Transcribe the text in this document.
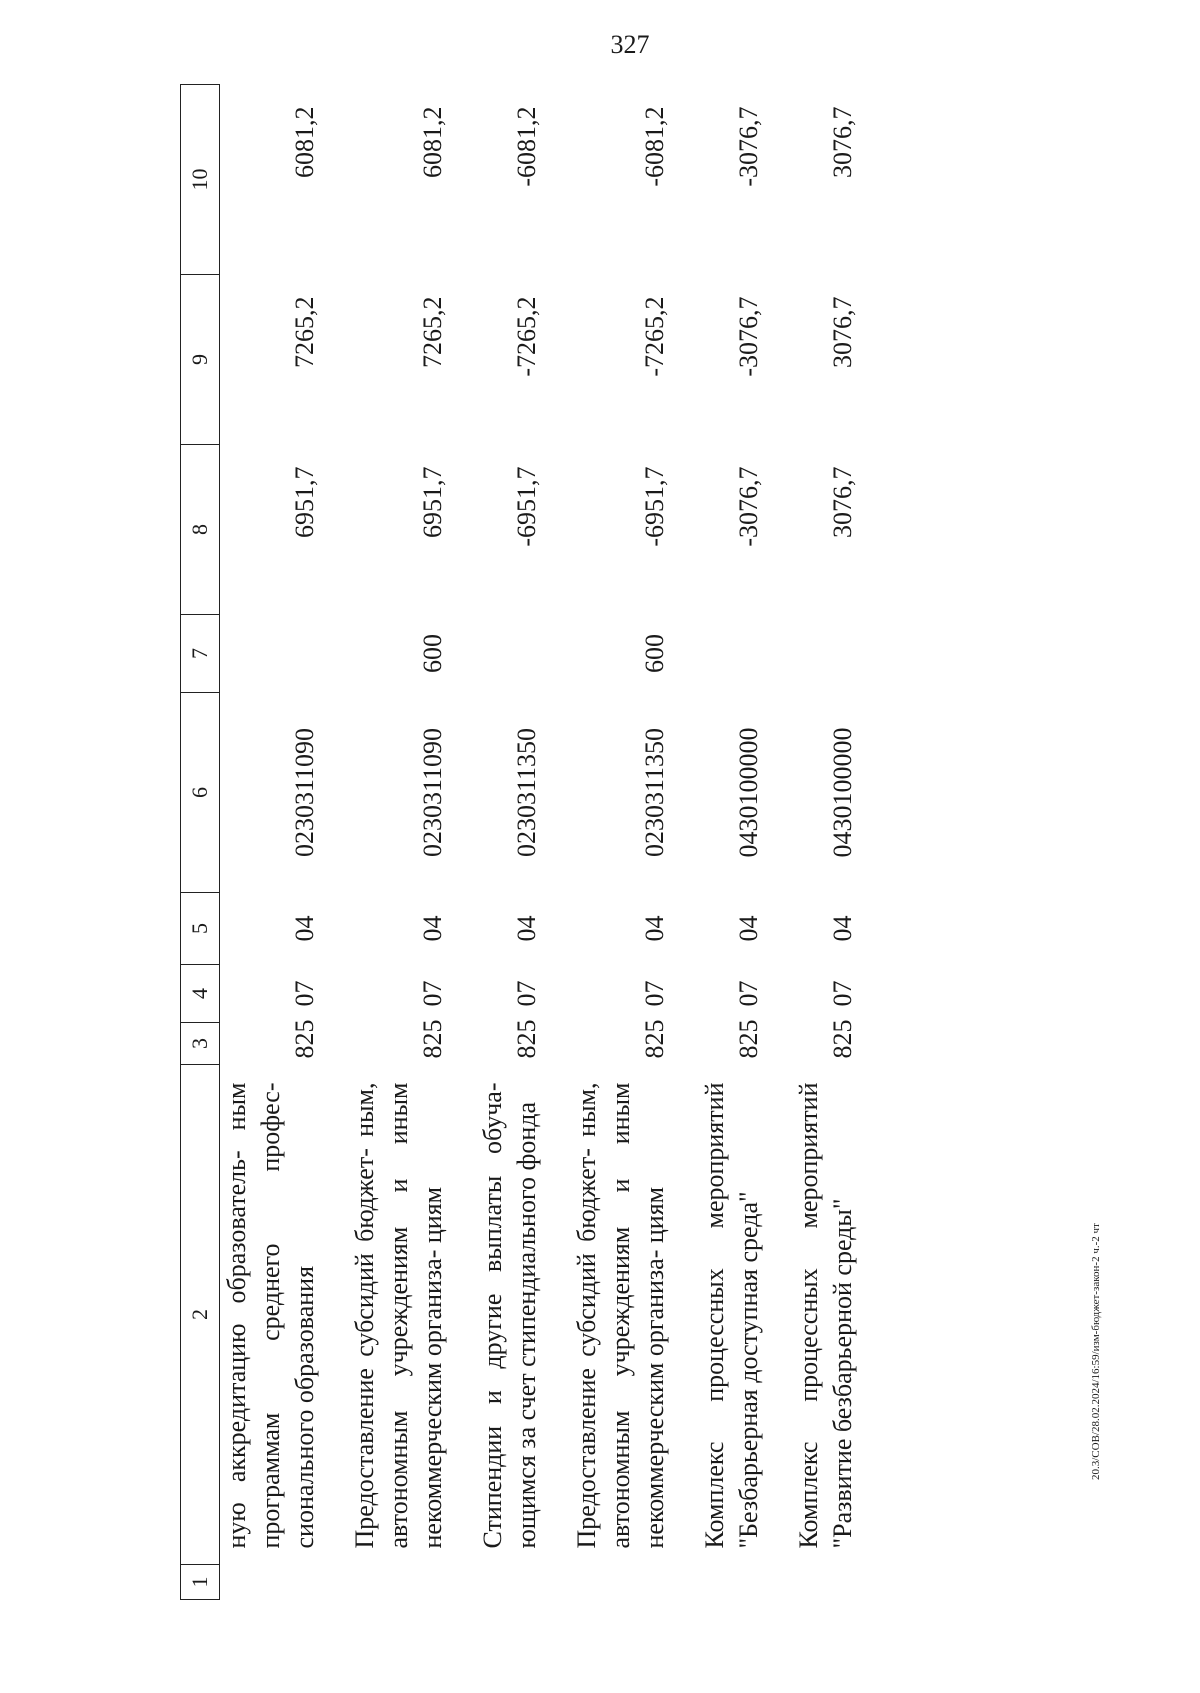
327
1	2	3	4	5	6	7	8	9	10
	ную аккредитацию образователь- ным программам среднего профес- сионального образования	825	07	04	0230311090		6951,7	7265,2	6081,2
	Предоставление субсидий бюджет- ным, автономным учреждениям и иным некоммерческим организа- циям	825	07	04	0230311090	600	6951,7	7265,2	6081,2
	Стипендии и другие выплаты обуча- ющимся за счет стипендиального фонда	825	07	04	0230311350		-6951,7	-7265,2	-6081,2
	Предоставление субсидий бюджет- ным, автономным учреждениям и иным некоммерческим организа- циям	825	07	04	0230311350	600	-6951,7	-7265,2	-6081,2
	Комплекс процессных мероприятий "Безбарьерная доступная среда"	825	07	04	0430100000		-3076,7	-3076,7	-3076,7
	Комплекс процессных мероприятий "Развитие безбарьерной среды"	825	07	04	0430100000		3076,7	3076,7	3076,7
20.3/СОВ/28.02.2024/16:59/изм-бюджет-закон-2 ч.-2 чт
